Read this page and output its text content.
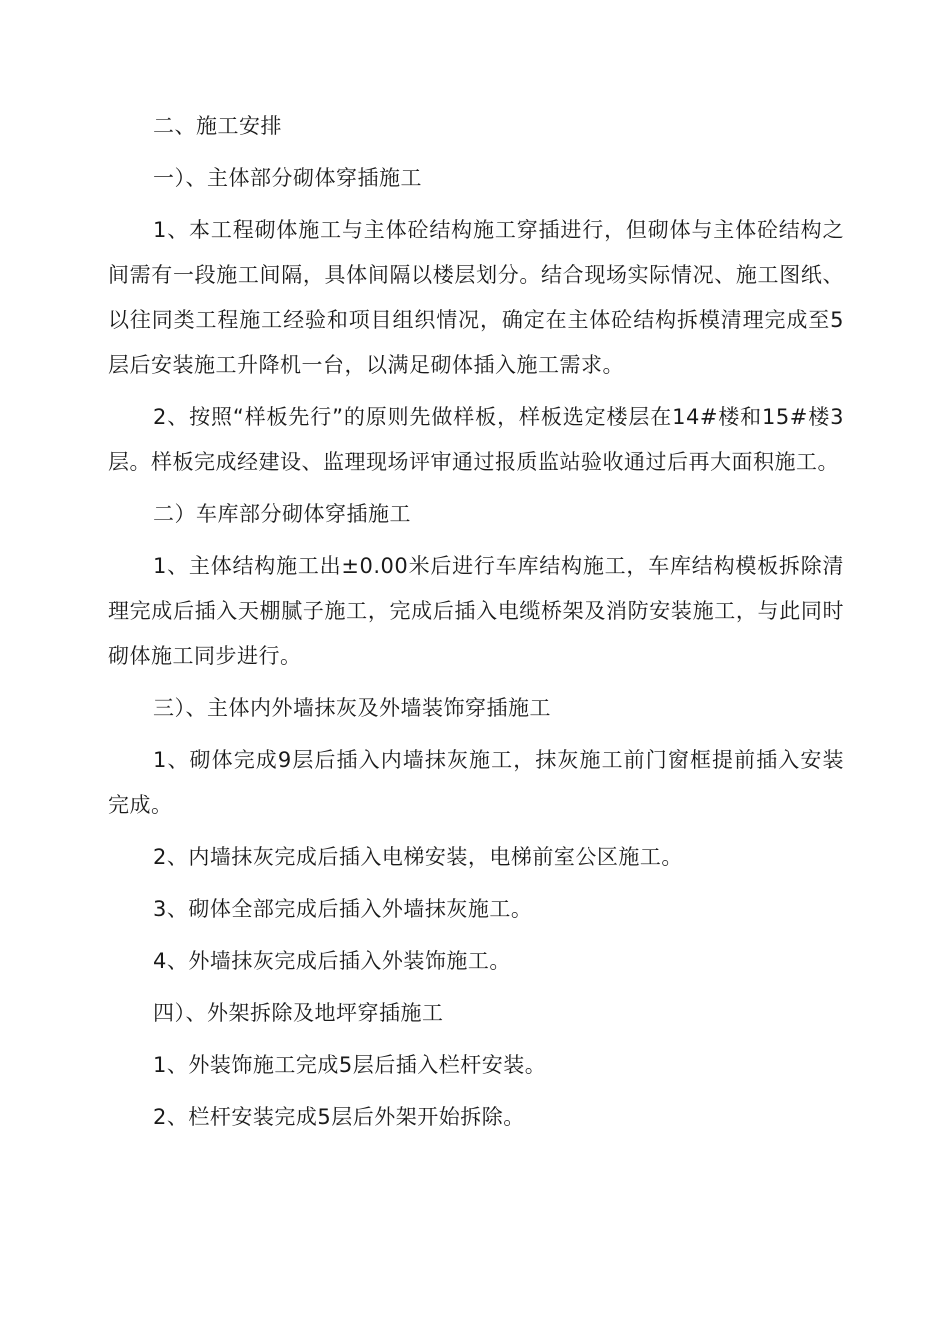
二、施工安排
一）、主体部分砌体穿插施工
1、本工程砌体施工与主体砼结构施工穿插进行，但砌体与主体砼结构之间需有一段施工间隔，具体间隔以楼层划分。结合现场实际情况、施工图纸、以往同类工程施工经验和项目组织情况，确定在主体砼结构拆模清理完成至5层后安装施工升降机一台，以满足砌体插入施工需求。
2、按照“样板先行”的原则先做样板，样板选定楼层在14#楼和15#楼3层。样板完成经建设、监理现场评审通过报质监站验收通过后再大面积施工。
二）车库部分砌体穿插施工
1、主体结构施工出±0.00米后进行车库结构施工，车库结构模板拆除清理完成后插入天棚腻子施工，完成后插入电缆桥架及消防安装施工，与此同时砌体施工同步进行。
三）、主体内外墙抹灰及外墙装饰穿插施工
1、砌体完成9层后插入内墙抹灰施工，抹灰施工前门窗框提前插入安装完成。
2、内墙抹灰完成后插入电梯安装，电梯前室公区施工。
3、砌体全部完成后插入外墙抹灰施工。
4、外墙抹灰完成后插入外装饰施工。
四）、外架拆除及地坪穿插施工
1、外装饰施工完成5层后插入栏杆安装。
2、栏杆安装完成5层后外架开始拆除。
